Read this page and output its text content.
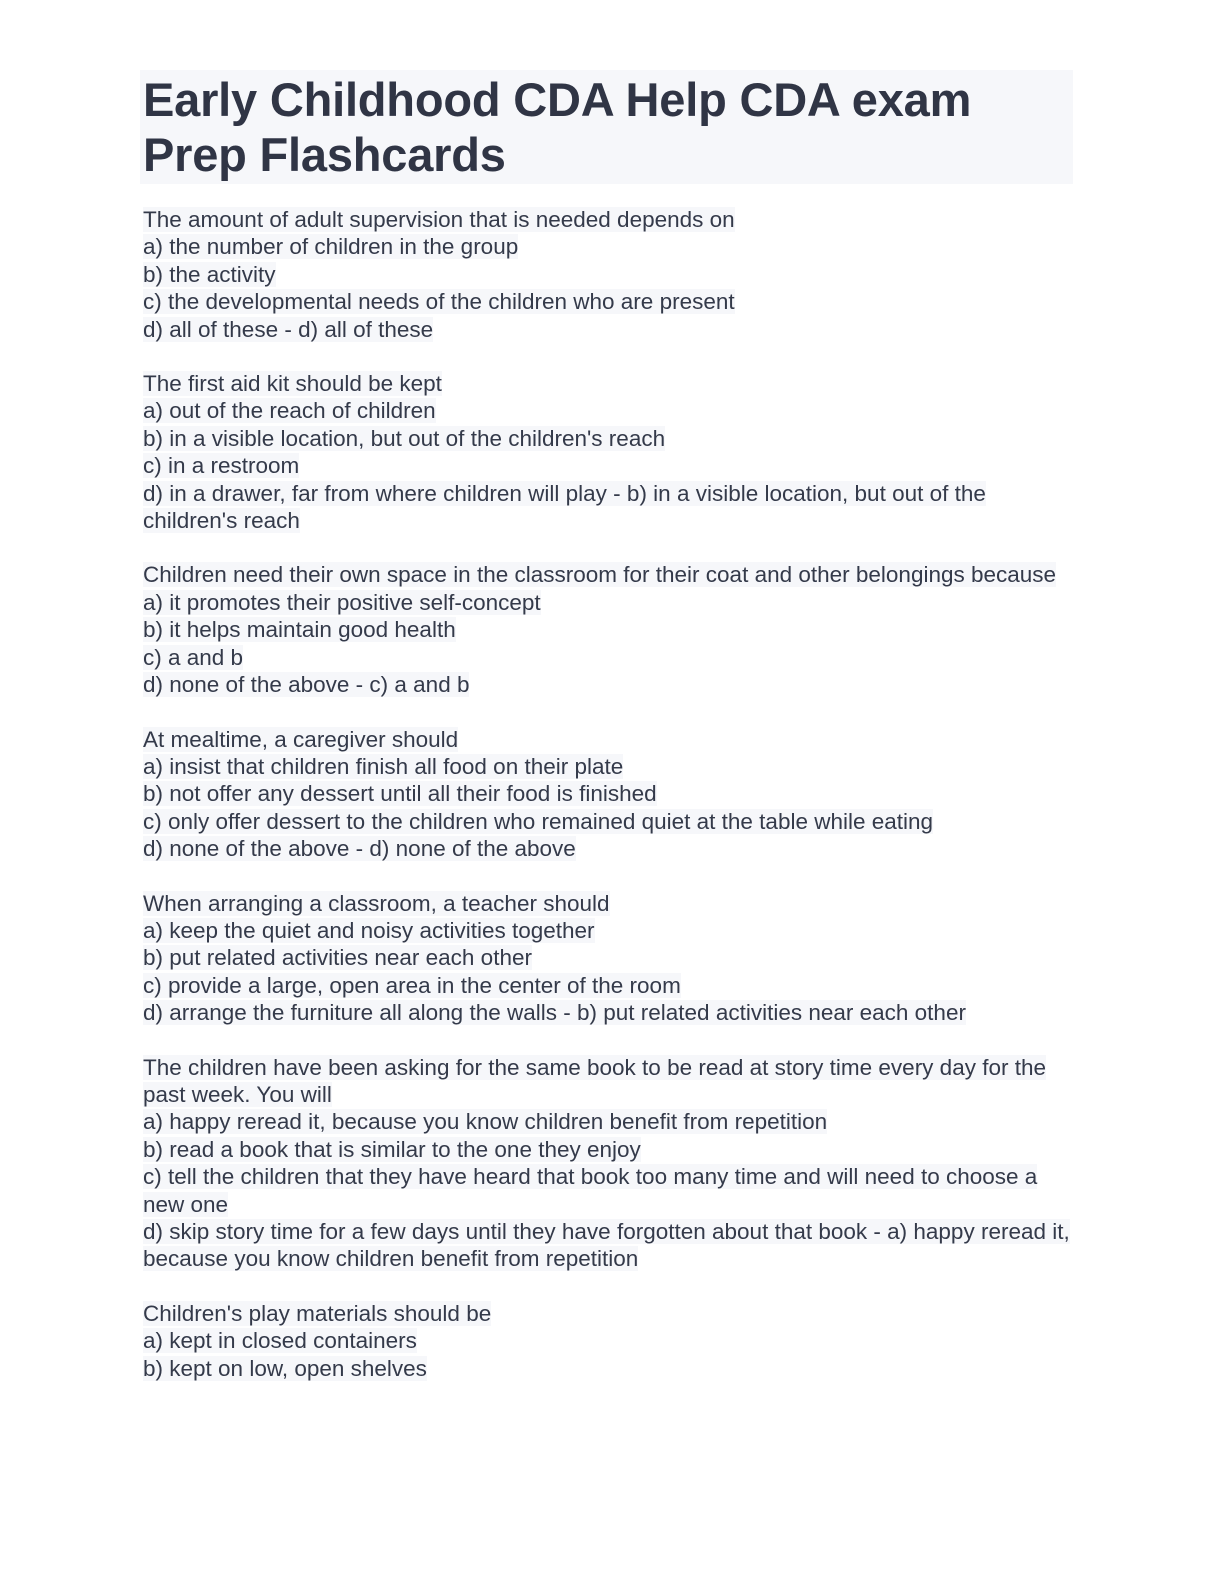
Early Childhood CDA Help CDA exam Prep Flashcards
The amount of adult supervision that is needed depends on
a) the number of children in the group
b) the activity
c) the developmental needs of the children who are present
d) all of these - d) all of these
The first aid kit should be kept
a) out of the reach of children
b) in a visible location, but out of the children's reach
c) in a restroom
d) in a drawer, far from where children will play - b) in a visible location, but out of the children's reach
Children need their own space in the classroom for their coat and other belongings because
a) it promotes their positive self-concept
b) it helps maintain good health
c) a and b
d) none of the above - c) a and b
At mealtime, a caregiver should
a) insist that children finish all food on their plate
b) not offer any dessert until all their food is finished
c) only offer dessert to the children who remained quiet at the table while eating
d) none of the above - d) none of the above
When arranging a classroom, a teacher should
a) keep the quiet and noisy activities together
b) put related activities near each other
c) provide a large, open area in the center of the room
d) arrange the furniture all along the walls - b) put related activities near each other
The children have been asking for the same book to be read at story time every day for the past week. You will
a) happy reread it, because you know children benefit from repetition
b) read a book that is similar to the one they enjoy
c) tell the children that they have heard that book too many time and will need to choose a new one
d) skip story time for a few days until they have forgotten about that book - a) happy reread it, because you know children benefit from repetition
Children's play materials should be
a) kept in closed containers
b) kept on low, open shelves
